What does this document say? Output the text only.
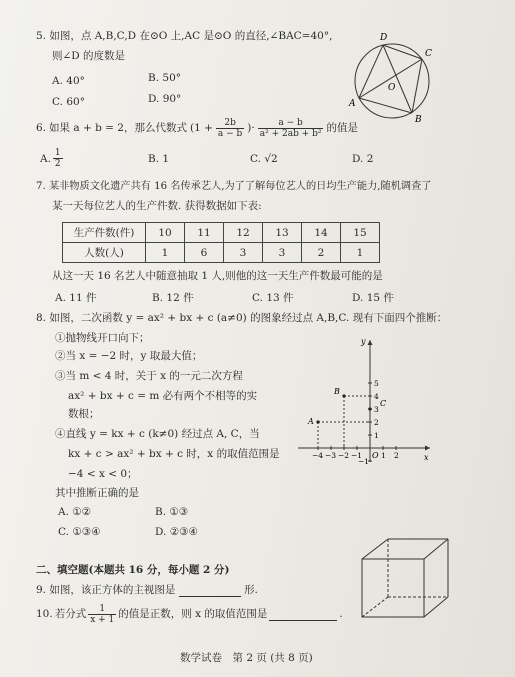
5. 如图，点 A,B,C,D 在⊙O 上,AC 是⊙O 的直径,∠BAC=40°,
则∠D 的度数是
A. 40°	B. 50°
C. 60°	D. 90°
D
C
O
A
B
6. 如果 a + b = 2，那么代数式 ($1 + \frac{2b}{a - b}$ )· $\frac{a - b}{\text{a² + 2ab + b²}}$ 的值是
A. $\frac{1}{2}$	B. 1	C. √2	D. 2
7. 某非物质文化遗产共有 16 名传承艺人,为了了解每位艺人的日均生产能力,随机调查了
某一天每位艺人的生产件数. 获得数据如下表:
生产件数(件)	10	11	12	13	14	15
人数(人)	1	6	3	3	2	1
从这一天 16 名艺人中随意抽取 1 人,则他的这一天生产件数最可能的是
A. 11 件	B. 12 件	C. 13 件	D. 15 件
8. 如图，二次函数 y = ax² + bx + c (a≠0) 的图象经过点 A,B,C. 现有下面四个推断：
①抛物线开口向下；
②当 x = −2 时，y 取最大值；
③当 m < 4 时，关于 x 的一元二次方程
ax² + bx + c = m 必有两个不相等的实
数根；
④直线 y = kx + c (k≠0) 经过点 A, C，当
kx + c > ax² + bx + c 时，x 的取值范围是
−4 < x < 0；
其中推断正确的是
A. ①②	B. ①③
C. ①③④	D. ②③④
y
x
O
−4 −3 −2 −1	1 2
5
4
3
2
1
−1
A
B
C
二、填空题(本题共 16 分，每小题 2 分)
9. 如图，该正方体的主视图是	形.
10. 若分式 $\frac{1}{x + 1}$ 的值是正数，则 x 的取值范围是	.
数学试卷　第 2 页 (共 8 页)
